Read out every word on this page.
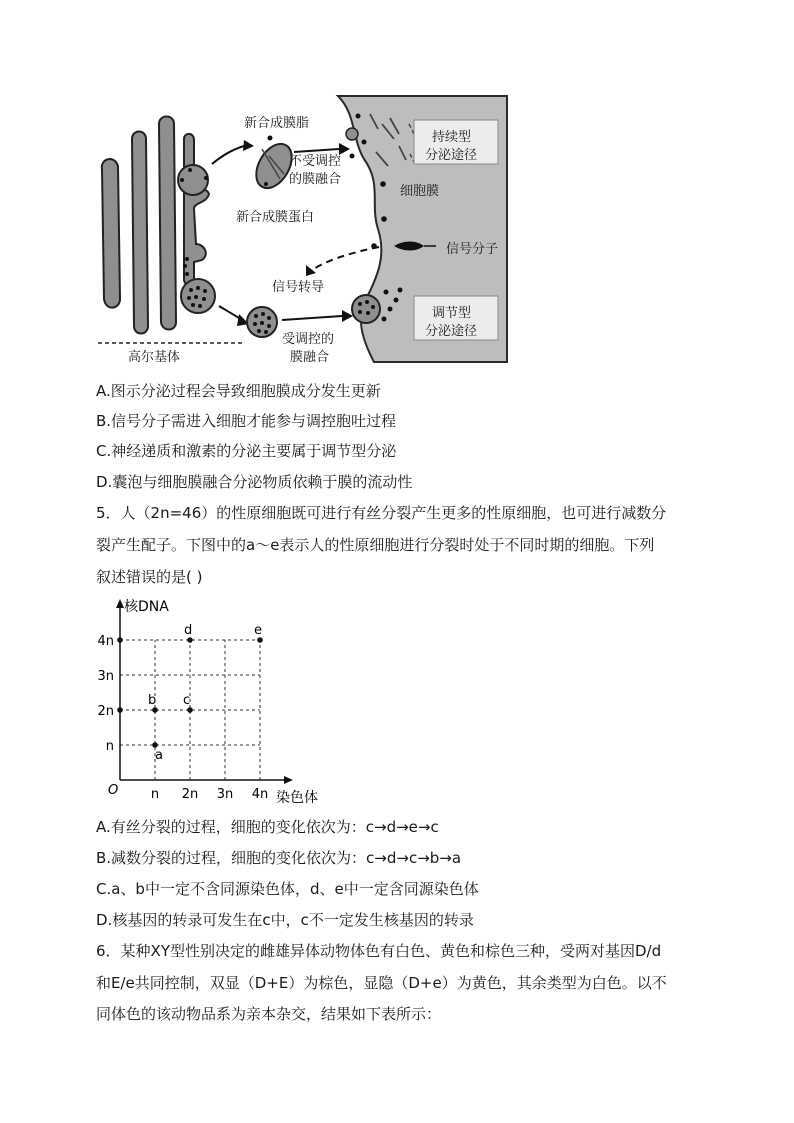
新合成膜脂
不受调控
的膜融合
新合成膜蛋白
持续型
分泌途径
细胞膜
信号分子
信号转导
调节型
分泌途径
受调控的
膜融合
高尔基体
A.图示分泌过程会导致细胞膜成分发生更新
B.信号分子需进入细胞才能参与调控胞吐过程
C.神经递质和激素的分泌主要属于调节型分泌
D.囊泡与细胞膜融合分泌物质依赖于膜的流动性
5．人（2n=46）的性原细胞既可进行有丝分裂产生更多的性原细胞，也可进行减数分
裂产生配子。下图中的a～e表示人的性原细胞进行分裂时处于不同时期的细胞。下列
叙述错误的是( )
n 2n 3n 4n
n
2n
3n
4n
a
b c
d	e
核DNA
染色体
O
A.有丝分裂的过程，细胞的变化依次为：c→d→e→c
B.减数分裂的过程，细胞的变化依次为：c→d→c→b→a
C.a、b中一定不含同源染色体，d、e中一定含同源染色体
D.核基因的转录可发生在c中，c不一定发生核基因的转录
6．某种XY型性别决定的雌雄异体动物体色有白色、黄色和棕色三种，受两对基因D/d
和E/e共同控制，双显（D+E）为棕色，显隐（D+e）为黄色，其余类型为白色。以不
同体色的该动物品系为亲本杂交，结果如下表所示：
